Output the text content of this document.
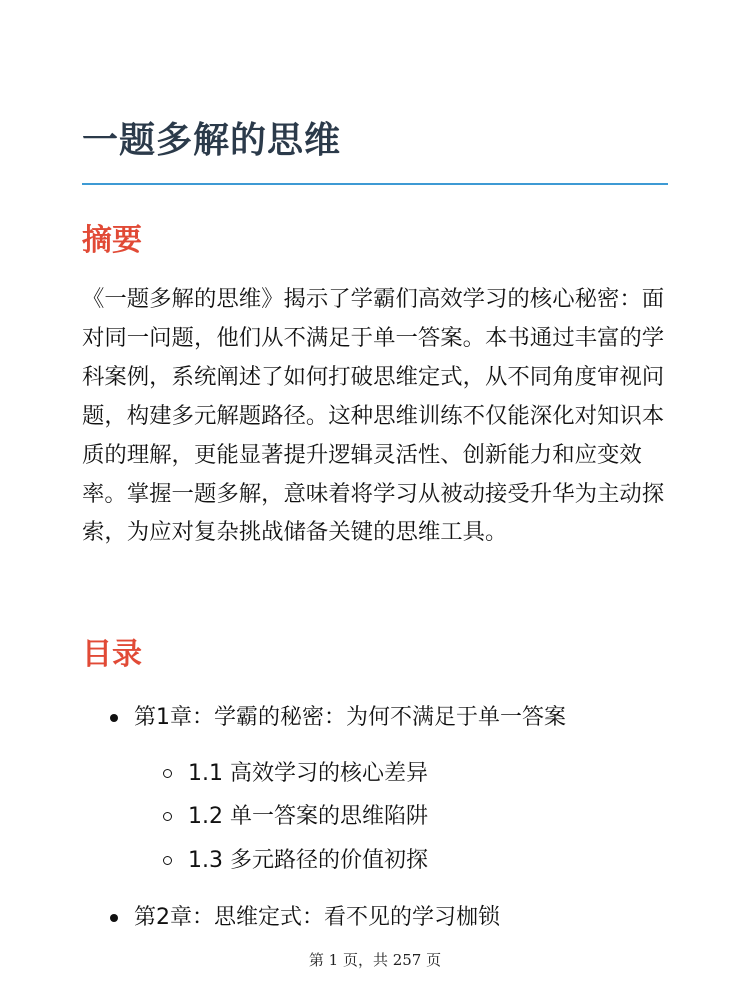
一题多解的思维
摘要

《一题多解的思维》揭示了学霸们高效学习的核心秘密：面对同一问题，他们从不满足于单一答案。本书通过丰富的学科案例，系统阐述了如何打破思维定式，从不同角度审视问题，构建多元解题路径。这种思维训练不仅能深化对知识本质的理解，更能显著提升逻辑灵活性、创新能力和应变效率。掌握一题多解，意味着将学习从被动接受升华为主动探索，为应对复杂挑战储备关键的思维工具。

目录
第1章：学霸的秘密：为何不满足于单一答案
1.1 高效学习的核心差异
1.2 单一答案的思维陷阱
1.3 多元路径的价值初探
第2章：思维定式：看不见的学习枷锁
第 1 页，共 257 页
